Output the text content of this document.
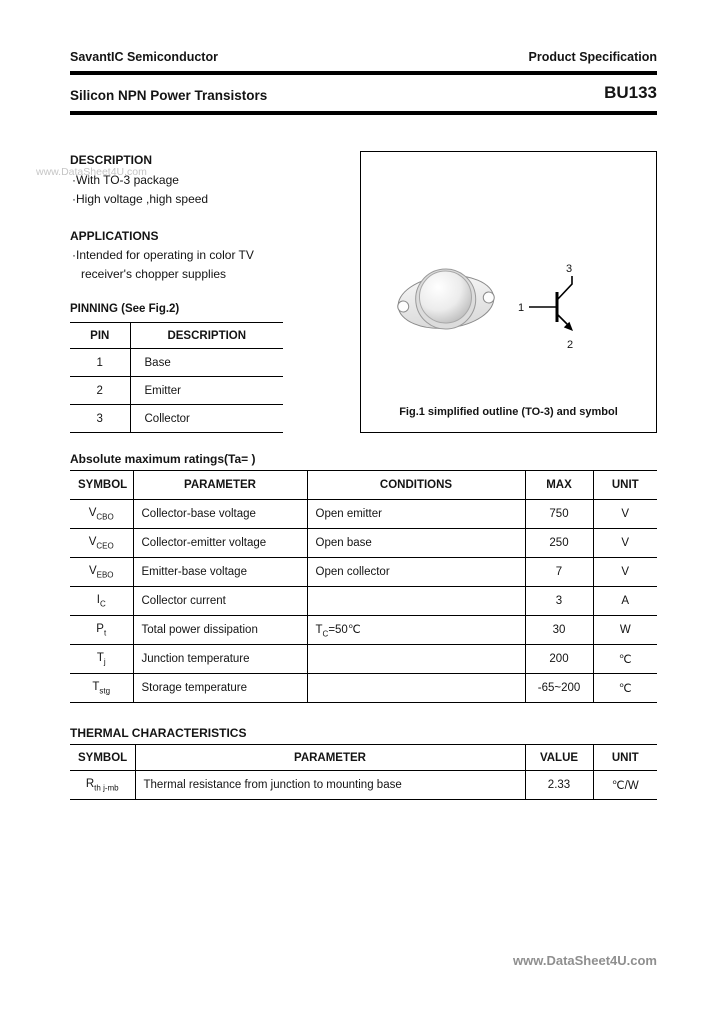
SavantIC Semiconductor	Product Specification
Silicon NPN Power Transistors	BU133
www.DataSheet4U.com
DESCRIPTION
·With TO-3 package
·High voltage ,high speed
APPLICATIONS
·Intended for operating in color TV
receiver's chopper supplies
PINNING (See Fig.2)
PIN	DESCRIPTION
1	Base
2	Emitter
3	Collector
3
1
2
Fig.1 simplified outline (TO-3) and symbol
Absolute maximum ratings(Ta= )
SYMBOL	PARAMETER	CONDITIONS	MAX	UNIT
$V_{CBO}$	Collector-base voltage	Open emitter	750	V
$V_{CEO}$	Collector-emitter voltage	Open base	250	V
$V_{EBO}$	Emitter-base voltage	Open collector	7	V
$I_C$	Collector current		3	A
$P_t$	Total power dissipation	$T_C=50℃$	30	W
$T_j$	Junction temperature		200	℃
$T_{stg}$	Storage temperature		-65~200	℃
THERMAL CHARACTERISTICS
SYMBOL	PARAMETER	VALUE	UNIT
$R_{th j-mb}$	Thermal resistance from junction to mounting base	2.33	℃/W
www.DataSheet4U.com
